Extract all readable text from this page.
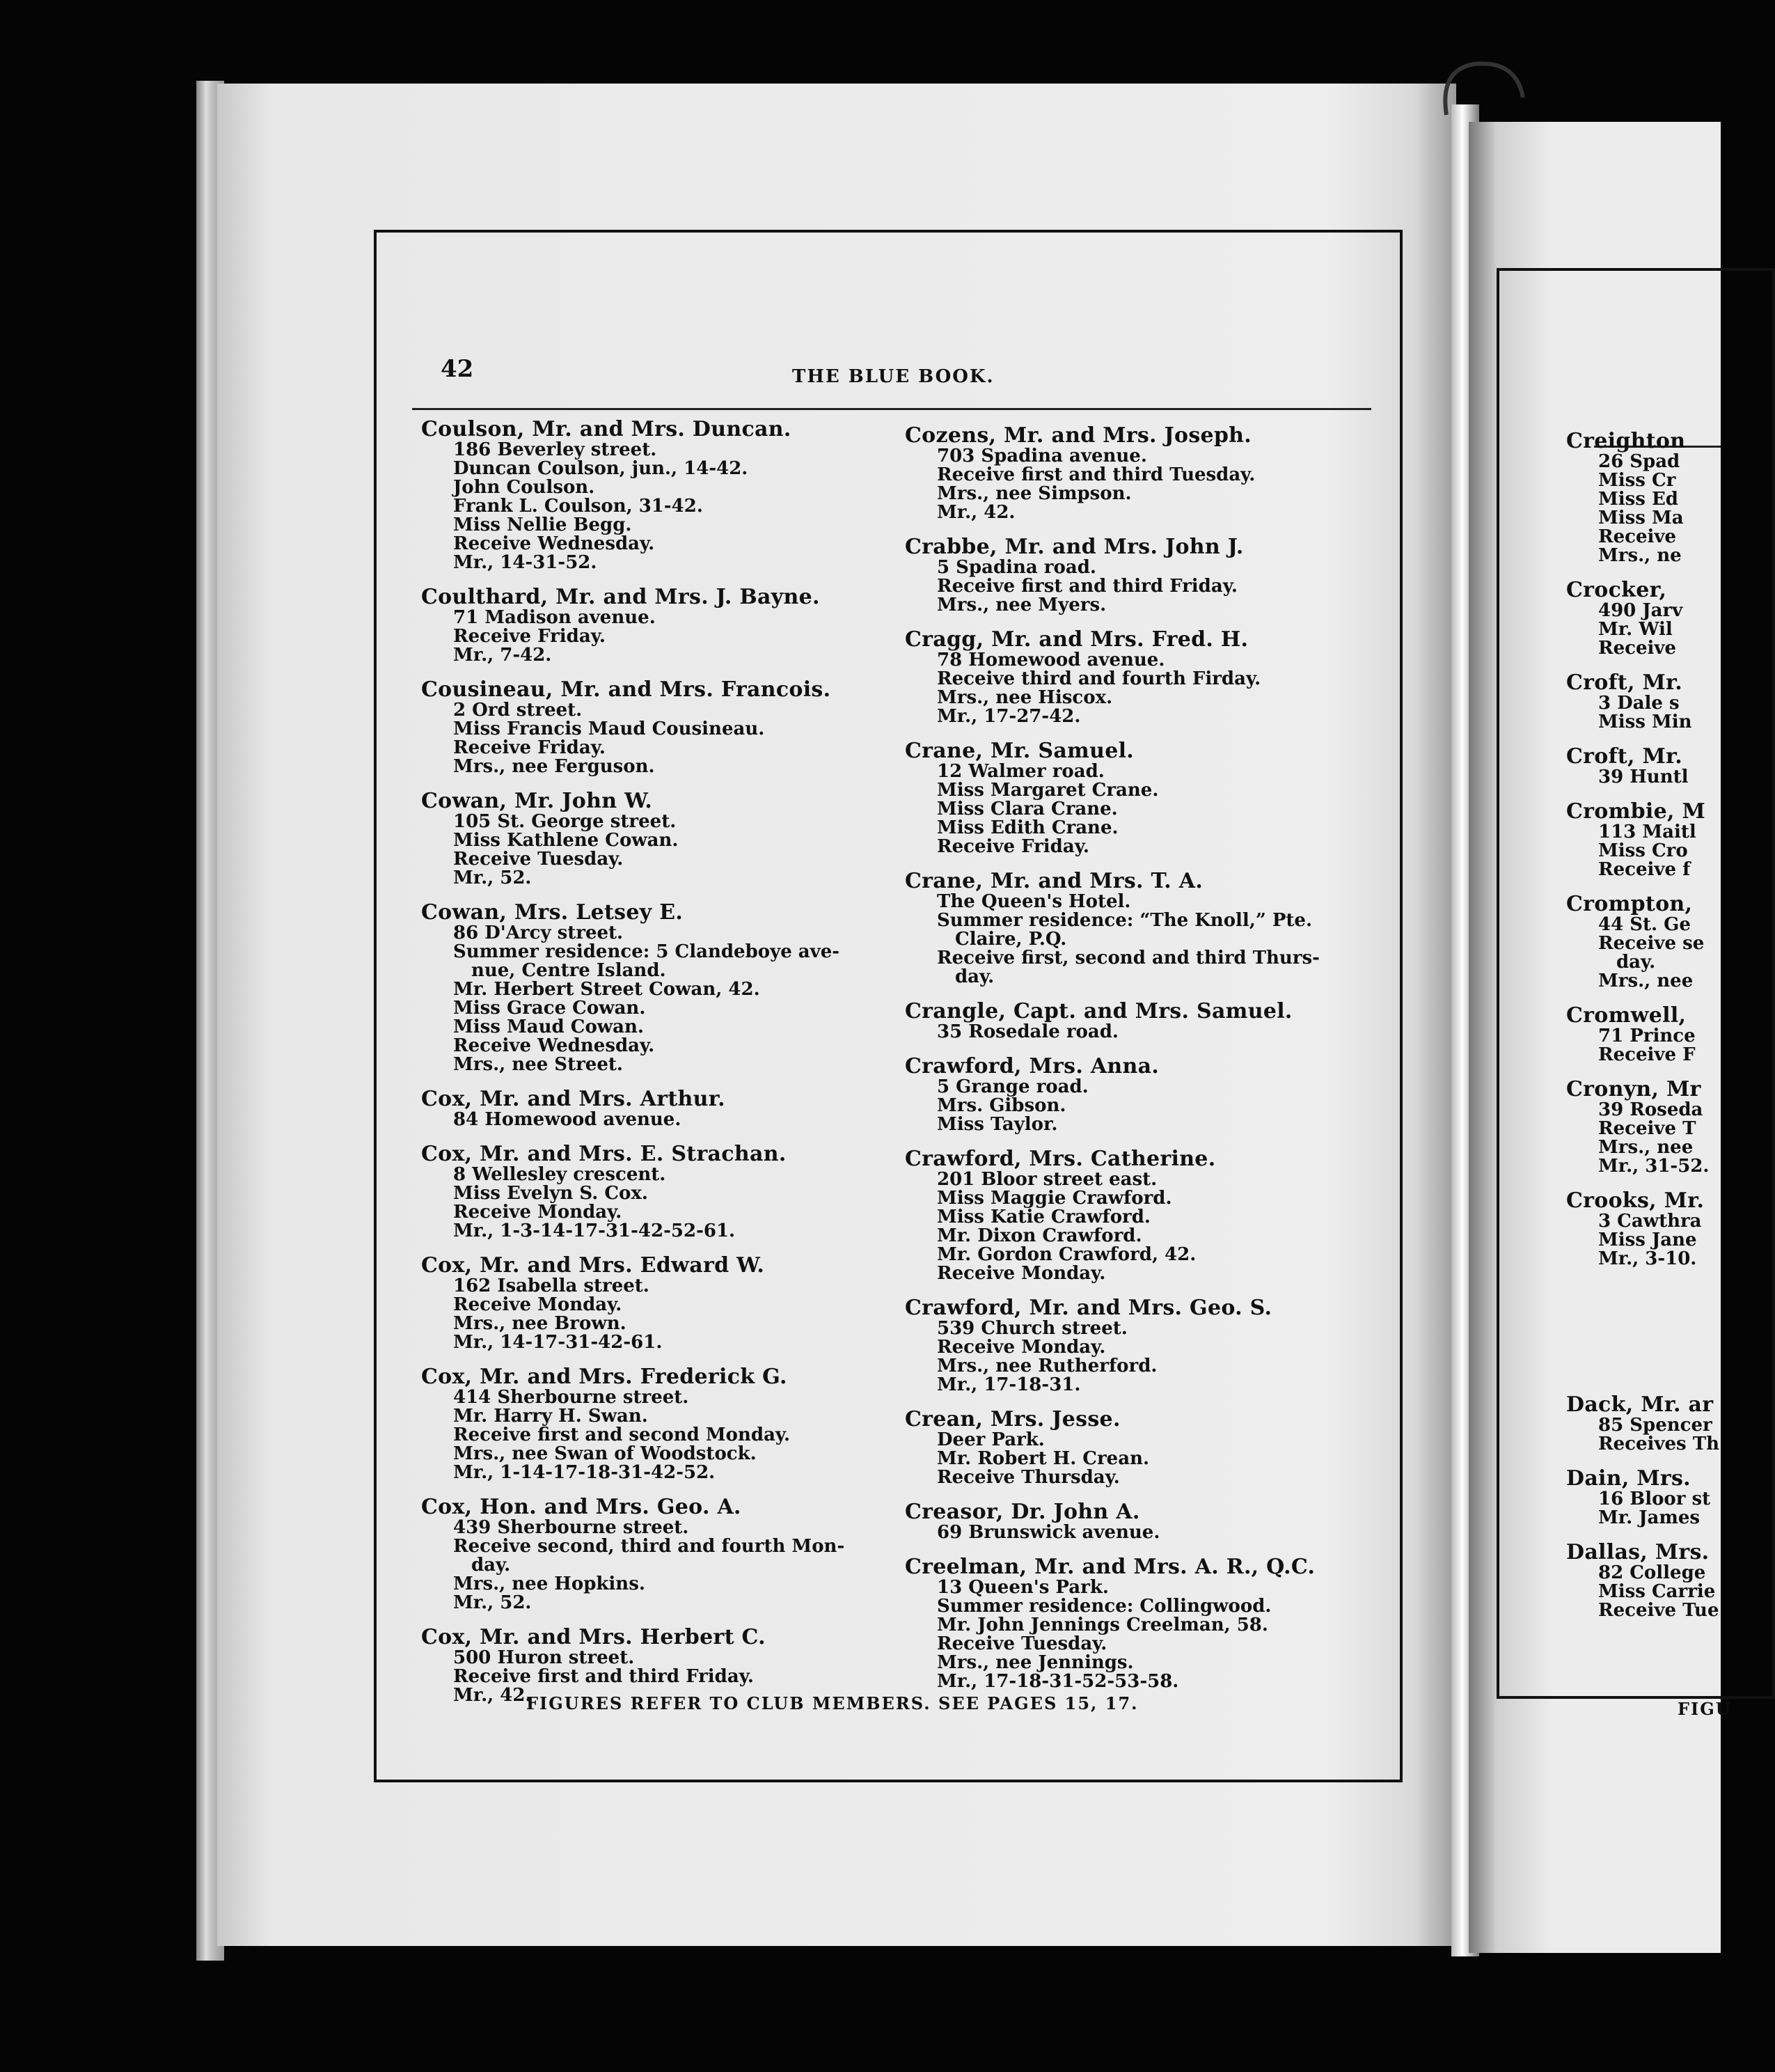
42	THE BLUE BOOK.
Coulson, Mr. and Mrs. Duncan.
186 Beverley street.
Duncan Coulson, jun., 14-42.
John Coulson.
Frank L. Coulson, 31-42.
Miss Nellie Begg.
Receive Wednesday.
Mr., 14-31-52.
Coulthard, Mr. and Mrs. J. Bayne.
71 Madison avenue.
Receive Friday.
Mr., 7-42.
Cousineau, Mr. and Mrs. Francois.
2 Ord street.
Miss Francis Maud Cousineau.
Receive Friday.
Mrs., nee Ferguson.
Cowan, Mr. John W.
105 St. George street.
Miss Kathlene Cowan.
Receive Tuesday.
Mr., 52.
Cowan, Mrs. Letsey E.
86 D'Arcy street.
Summer residence: 5 Clandeboye ave-
nue, Centre Island.
Mr. Herbert Street Cowan, 42.
Miss Grace Cowan.
Miss Maud Cowan.
Receive Wednesday.
Mrs., nee Street.
Cox, Mr. and Mrs. Arthur.
84 Homewood avenue.
Cox, Mr. and Mrs. E. Strachan.
8 Wellesley crescent.
Miss Evelyn S. Cox.
Receive Monday.
Mr., 1-3-14-17-31-42-52-61.
Cox, Mr. and Mrs. Edward W.
162 Isabella street.
Receive Monday.
Mrs., nee Brown.
Mr., 14-17-31-42-61.
Cox, Mr. and Mrs. Frederick G.
414 Sherbourne street.
Mr. Harry H. Swan.
Receive first and second Monday.
Mrs., nee Swan of Woodstock.
Mr., 1-14-17-18-31-42-52.
Cox, Hon. and Mrs. Geo. A.
439 Sherbourne street.
Receive second, third and fourth Mon-
day.
Mrs., nee Hopkins.
Mr., 52.
Cox, Mr. and Mrs. Herbert C.
500 Huron street.
Receive first and third Friday.
Mr., 42.
Cozens, Mr. and Mrs. Joseph.
703 Spadina avenue.
Receive first and third Tuesday.
Mrs., nee Simpson.
Mr., 42.
Crabbe, Mr. and Mrs. John J.
5 Spadina road.
Receive first and third Friday.
Mrs., nee Myers.
Cragg, Mr. and Mrs. Fred. H.
78 Homewood avenue.
Receive third and fourth Firday.
Mrs., nee Hiscox.
Mr., 17-27-42.
Crane, Mr. Samuel.
12 Walmer road.
Miss Margaret Crane.
Miss Clara Crane.
Miss Edith Crane.
Receive Friday.
Crane, Mr. and Mrs. T. A.
The Queen's Hotel.
Summer residence: “The Knoll,” Pte.
Claire, P.Q.
Receive first, second and third Thurs-
day.
Crangle, Capt. and Mrs. Samuel.
35 Rosedale road.
Crawford, Mrs. Anna.
5 Grange road.
Mrs. Gibson.
Miss Taylor.
Crawford, Mrs. Catherine.
201 Bloor street east.
Miss Maggie Crawford.
Miss Katie Crawford.
Mr. Dixon Crawford.
Mr. Gordon Crawford, 42.
Receive Monday.
Crawford, Mr. and Mrs. Geo. S.
539 Church street.
Receive Monday.
Mrs., nee Rutherford.
Mr., 17-18-31.
Crean, Mrs. Jesse.
Deer Park.
Mr. Robert H. Crean.
Receive Thursday.
Creasor, Dr. John A.
69 Brunswick avenue.
Creelman, Mr. and Mrs. A. R., Q.C.
13 Queen's Park.
Summer residence: Collingwood.
Mr. John Jennings Creelman, 58.
Receive Tuesday.
Mrs., nee Jennings.
Mr., 17-18-31-52-53-58.
Creighton
26 Spad
Miss Cr
Miss Ed
Miss Ma
Receive
Mrs., ne
Crocker,
490 Jarv
Mr. Wil
Receive
Croft, Mr.
3 Dale s
Miss Min
Croft, Mr.
39 Huntl
Crombie, M
113 Maitl
Miss Cro
Receive f
Crompton,
44 St. Ge
Receive se
day.
Mrs., nee
Cromwell,
71 Prince
Receive F
Cronyn, Mr
39 Roseda
Receive T
Mrs., nee
Mr., 31-52.
Crooks, Mr.
3 Cawthra
Miss Jane
Mr., 3-10.
Dack, Mr. ar
85 Spencer
Receives Th
Dain, Mrs.
16 Bloor st
Mr. James
Dallas, Mrs.
82 College
Miss Carrie
Receive Tue
FIGURES REFER TO CLUB MEMBERS. SEE PAGES 15, 17.	FIGU
